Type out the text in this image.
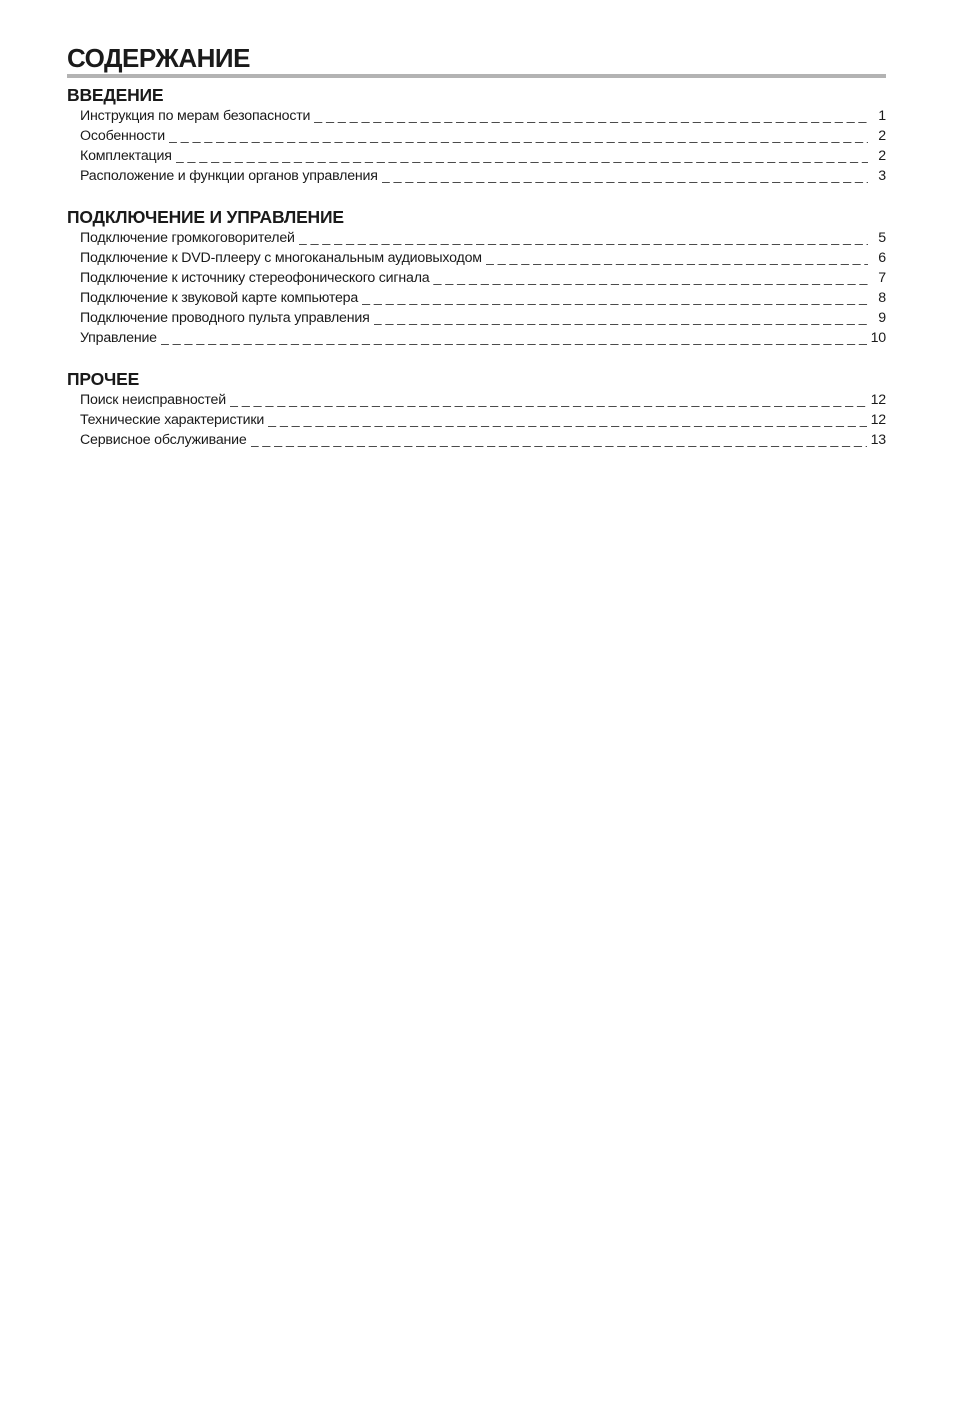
СОДЕРЖАНИЕ
ВВЕДЕНИЕ
Инструкция по мерам безопасности _ _ _	1
Особенности _ _ _	2
Комплектация _ _ _	2
Расположение и функции органов управления _ _ _	3
ПОДКЛЮЧЕНИЕ И УПРАВЛЕНИЕ
Подключение громкоговорителей _ _ _	5
Подключение к DVD-плееру с многоканальным аудиовыходом _ _ _	6
Подключение к источнику стереофонического сигнала _ _ _	7
Подключение к звуковой карте компьютера _ _ _	8
Подключение проводного пульта управления _ _ _	9
Управление _ _ _	10
ПРОЧЕЕ
Поиск неисправностей _ _ _	12
Технические характеристики _ _ _	12
Сервисное обслуживание _ _ _	13
